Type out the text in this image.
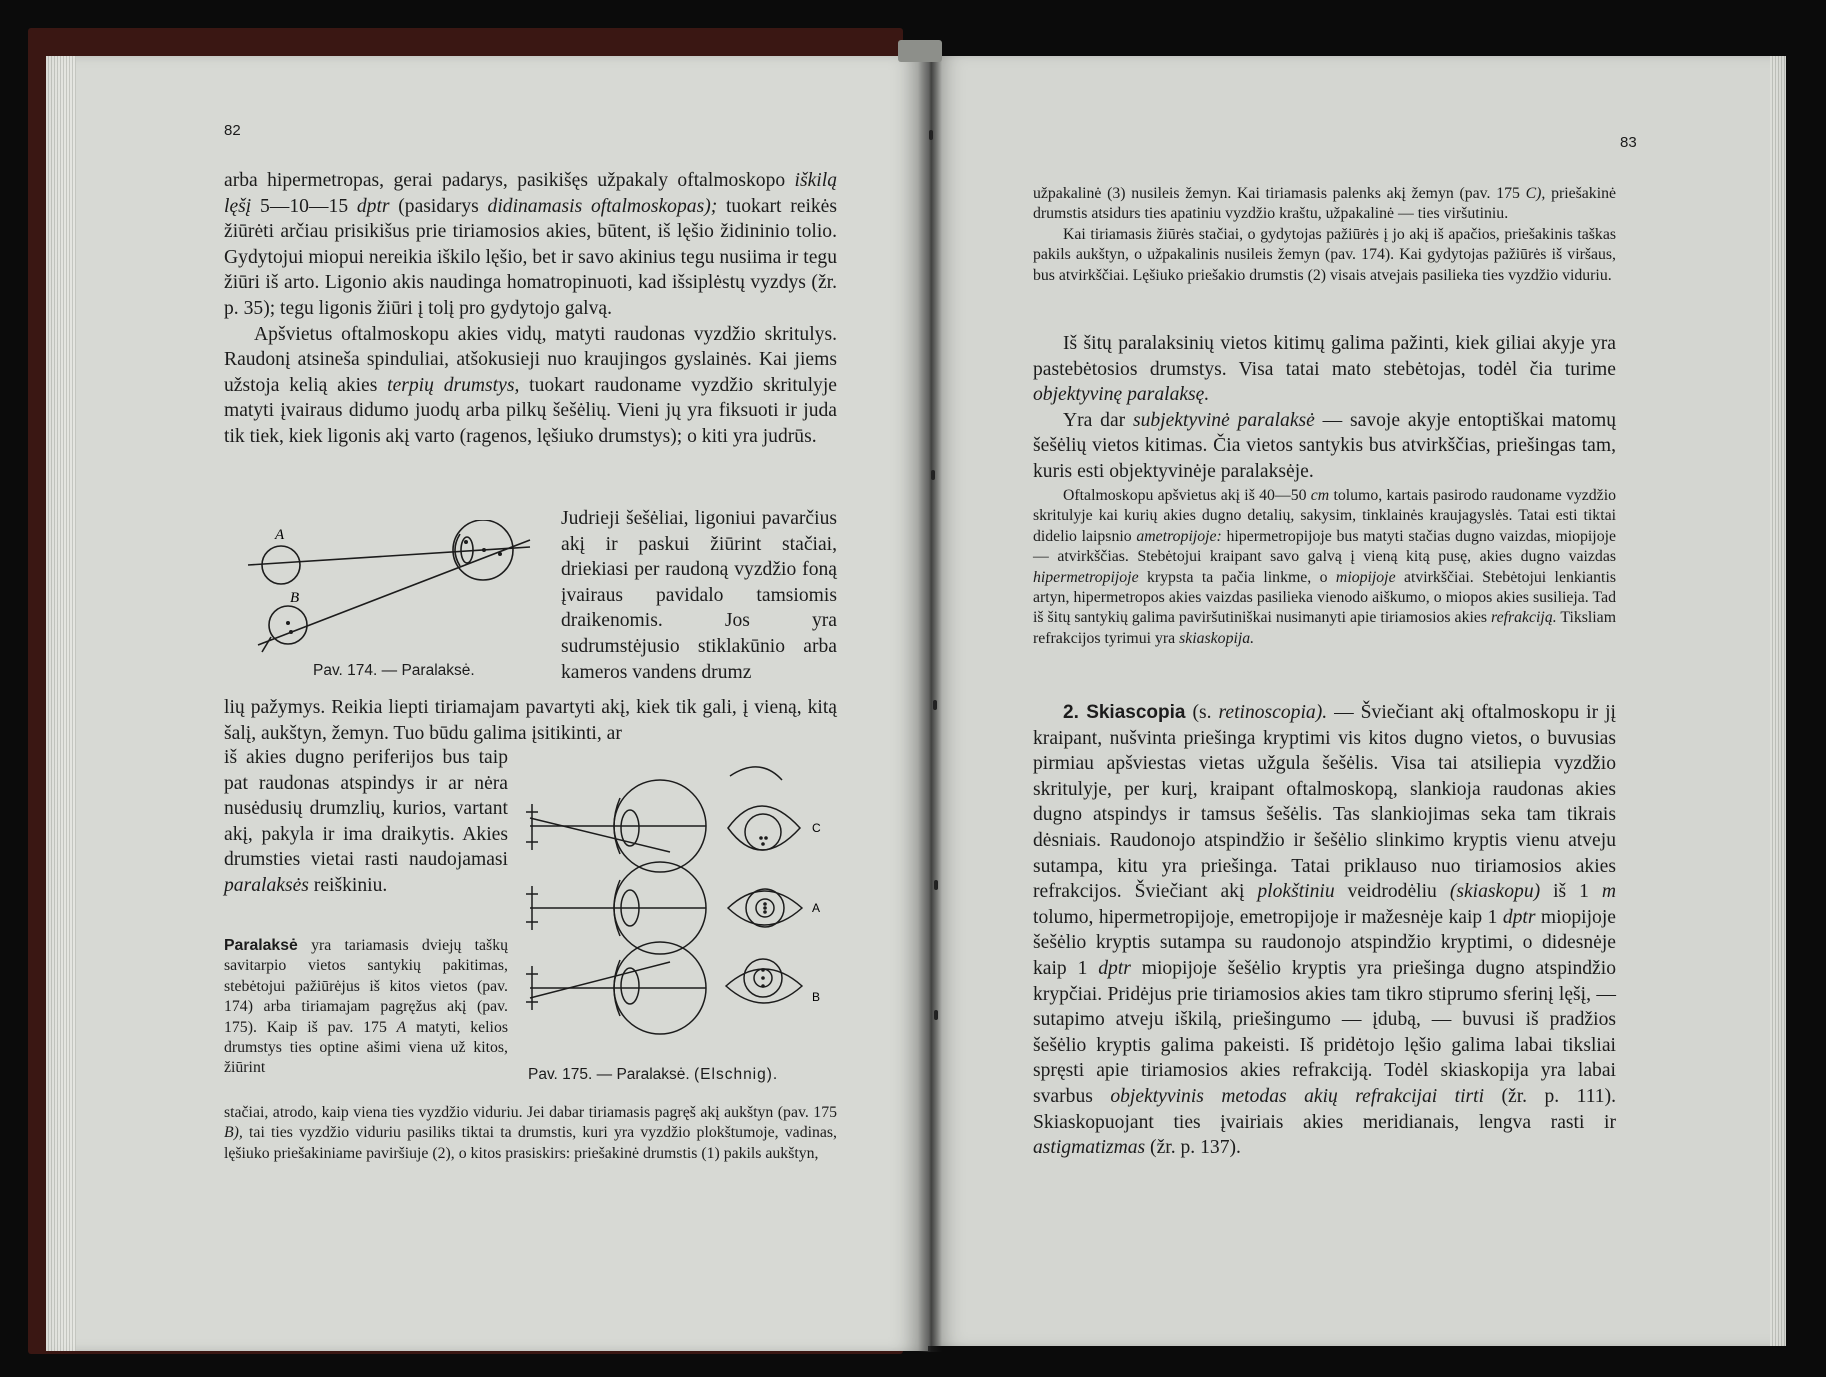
82

arba hipermetropas, gerai padarys, pasikišęs užpakaly oftalmoskopo iškilą lęšį 5—10—15 dptr (pasidarys didinamasis oftalmoskopas); tuokart reikės žiūrėti arčiau prisikišus prie tiriamosios akies, būtent, iš lęšio židininio tolio. Gydytojui miopui nereikia iškilo lęšio, bet ir savo akinius tegu nusiima ir tegu žiūri iš arto. Ligonio akis naudinga homatropinuoti, kad išsiplėstų vyzdys (žr. p. 35); tegu ligonis žiūri į tolį pro gydytojo galvą.

Apšvietus oftalmoskopu akies vidų, matyti raudonas vyzdžio skritulys. Raudonį atsineša spinduliai, atšokusieji nuo kraujingos gyslainės. Kai jiems užstoja kelią akies terpių drumstys, tuokart raudoname vyzdžio skritulyje matyti įvairaus didumo juodų arba pilkų šešėlių. Vieni jų yra fiksuoti ir juda tik tiek, kiek ligonis akį varto (ragenos, lęšiuko drumstys); o kiti yra judrūs.

A
B
Pav. 174. — Paralaksė.

Judrieji šešėliai, ligoniui pavarčius akį ir paskui žiūrint stačiai, driekiasi per raudoną vyzdžio foną įvairaus pavidalo tamsiomis draikenomis. Jos yra sudrumstėjusio stiklakūnio arba kameros vandens drumz

lių pažymys. Reikia liepti tiriamajam pavartyti akį, kiek tik gali, į vieną, kitą šalį, aukštyn, žemyn. Tuo būdu galima įsitikinti, ar

iš akies dugno periferijos bus taip pat raudonas atspindys ir ar nėra nusėdusių drumzlių, kurios, vartant akį, pakyla ir ima draikytis. Akies drumsties vietai rasti naudojamasi paralaksės reiškiniu.

Paralaksė yra tariamasis dviejų taškų savitarpio vietos santykių pakitimas, stebėtojui pažiūrėjus iš kitos vietos (pav. 174) arba tiriamajam pagręžus akį (pav. 175). Kaip iš pav. 175 A matyti, kelios drumstys ties optine ašimi viena už kitos, žiūrint

C
A
B
Pav. 175. — Paralaksė. (Elschnig).

stačiai, atrodo, kaip viena ties vyzdžio viduriu. Jei dabar tiriamasis pagręš akį aukštyn (pav. 175 B), tai ties vyzdžio viduriu pasiliks tiktai ta drumstis, kuri yra vyzdžio plokštumoje, vadinas, lęšiuko priešakiniame paviršiuje (2), o kitos prasiskirs: priešakinė drumstis (1) pakils aukštyn,

83

užpakalinė (3) nusileis žemyn. Kai tiriamasis palenks akį žemyn (pav. 175 C), priešakinė drumstis atsidurs ties apatiniu vyzdžio kraštu, užpakalinė — ties viršutiniu.

Kai tiriamasis žiūrės stačiai, o gydytojas pažiūrės į jo akį iš apačios, priešakinis taškas pakils aukštyn, o užpakalinis nusileis žemyn (pav. 174). Kai gydytojas pažiūrės iš viršaus, bus atvirkščiai. Lęšiuko priešakio drumstis (2) visais atvejais pasilieka ties vyzdžio viduriu.

Iš šitų paralaksinių vietos kitimų galima pažinti, kiek giliai akyje yra pastebėtosios drumstys. Visa tatai mato stebėtojas, todėl čia turime objektyvinę paralaksę.

Yra dar subjektyvinė paralaksė — savoje akyje entoptiškai matomų šešėlių vietos kitimas. Čia vietos santykis bus atvirkščias, priešingas tam, kuris esti objektyvinėje paralaksėje.

Oftalmoskopu apšvietus akį iš 40—50 cm tolumo, kartais pasirodo raudoname vyzdžio skritulyje kai kurių akies dugno detalių, sakysim, tinklainės kraujagyslės. Tatai esti tiktai didelio laipsnio ametropijoje: hipermetropijoje bus matyti stačias dugno vaizdas, miopijoje — atvirkščias. Stebėtojui kraipant savo galvą į vieną kitą pusę, akies dugno vaizdas hipermetropijoje krypsta ta pačia linkme, o miopijoje atvirkščiai. Stebėtojui lenkiantis artyn, hipermetropos akies vaizdas pasilieka vienodo aiškumo, o miopos akies susilieja. Tad iš šitų santykių galima paviršutiniškai nusimanyti apie tiriamosios akies refrakciją. Tiksliam refrakcijos tyrimui yra skiaskopija.

2. Skiascopia (s. retinoscopia). — Šviečiant akį oftalmoskopu ir jį kraipant, nušvinta priešinga kryptimi vis kitos dugno vietos, o buvusias pirmiau apšviestas vietas užgula šešėlis. Visa tai atsiliepia vyzdžio skritulyje, per kurį, kraipant oftalmoskopą, slankioja raudonas akies dugno atspindys ir tamsus šešėlis. Tas slankiojimas seka tam tikrais dėsniais. Raudonojo atspindžio ir šešėlio slinkimo kryptis vienu atveju sutampa, kitu yra priešinga. Tatai priklauso nuo tiriamosios akies refrakcijos. Šviečiant akį plokštiniu veidrodėliu (skiaskopu) iš 1 m tolumo, hipermetropijoje, emetropijoje ir mažesnėje kaip 1 dptr miopijoje šešėlio kryptis sutampa su raudonojo atspindžio kryptimi, o didesnėje kaip 1 dptr miopijoje šešėlio kryptis yra priešinga dugno atspindžio krypčiai. Pridėjus prie tiriamosios akies tam tikro stiprumo sferinį lęšį, — sutapimo atveju iškilą, priešingumo — įdubą, — buvusi iš pradžios šešėlio kryptis galima pakeisti. Iš pridėtojo lęšio galima labai tiksliai spręsti apie tiriamosios akies refrakciją. Todėl skiaskopija yra labai svarbus objektyvinis metodas akių refrakcijai tirti (žr. p. 111). Skiaskopuojant ties įvairiais akies meridianais, lengva rasti ir astigmatizmas (žr. p. 137).
